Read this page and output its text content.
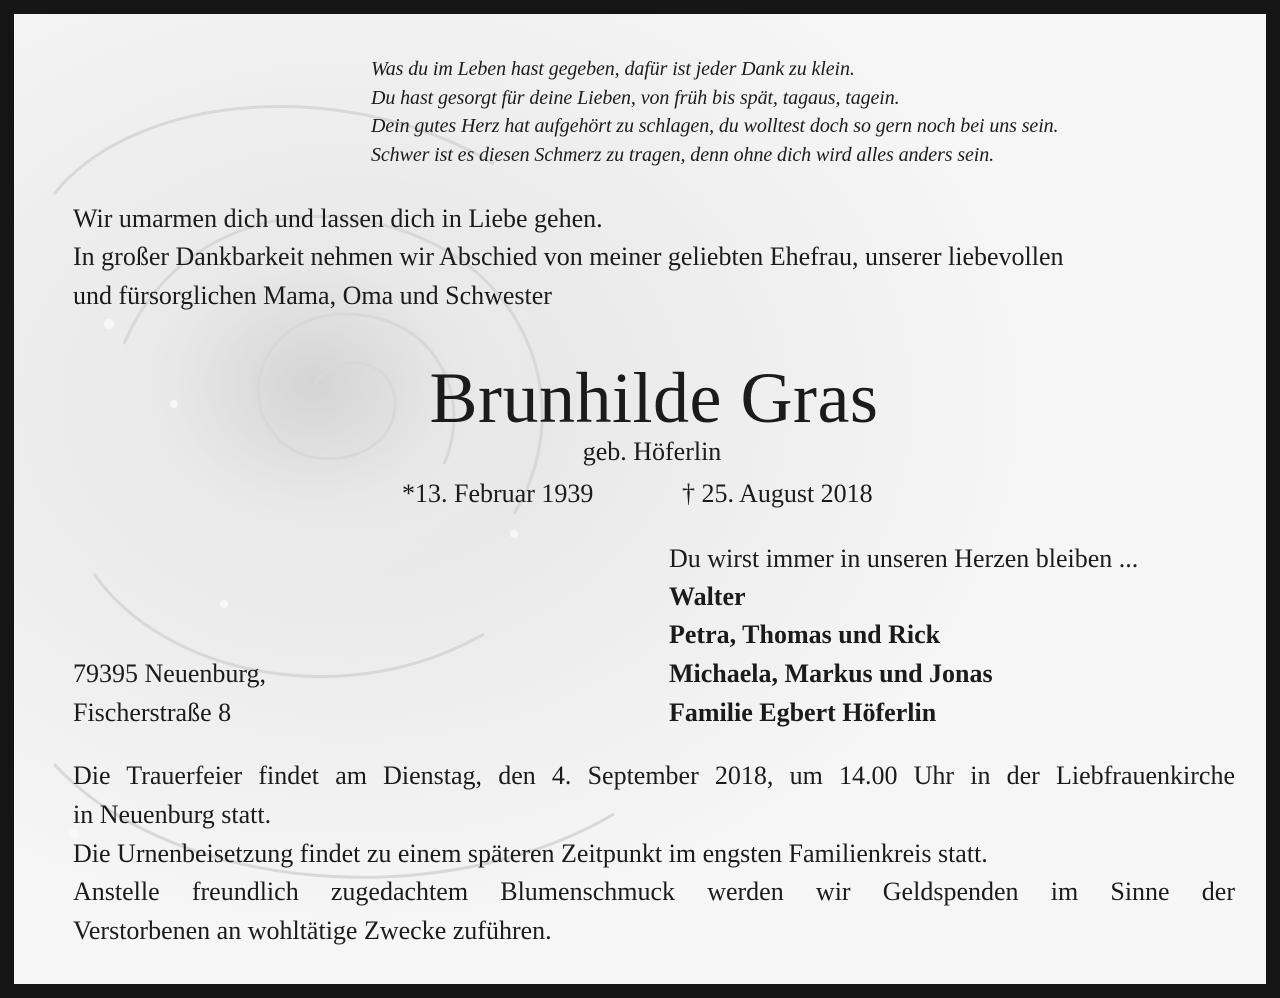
Was du im Leben hast gegeben, dafür ist jeder Dank zu klein.
Du hast gesorgt für deine Lieben, von früh bis spät, tagaus, tagein.
Dein gutes Herz hat aufgehört zu schlagen, du wolltest doch so gern noch bei uns sein.
Schwer ist es diesen Schmerz zu tragen, denn ohne dich wird alles anders sein.
Wir umarmen dich und lassen dich in Liebe gehen.
In großer Dankbarkeit nehmen wir Abschied von meiner geliebten Ehefrau, unserer liebevollen
und fürsorglichen Mama, Oma und Schwester
Brunhilde Gras
geb. Höferlin
*13. Februar 1939	† 25. August 2018
Du wirst immer in unseren Herzen bleiben ...
Walter
Petra, Thomas und Rick
Michaela, Markus und Jonas
Familie Egbert Höferlin
79395 Neuenburg,
Fischerstraße 8
Die Trauerfeier findet am Dienstag, den 4. September 2018, um 14.00 Uhr in der Liebfrauenkirche
in Neuenburg statt.
Die Urnenbeisetzung findet zu einem späteren Zeitpunkt im engsten Familienkreis statt.
Anstelle freundlich zugedachtem Blumenschmuck werden wir Geldspenden im Sinne der
Verstorbenen an wohltätige Zwecke zuführen.
